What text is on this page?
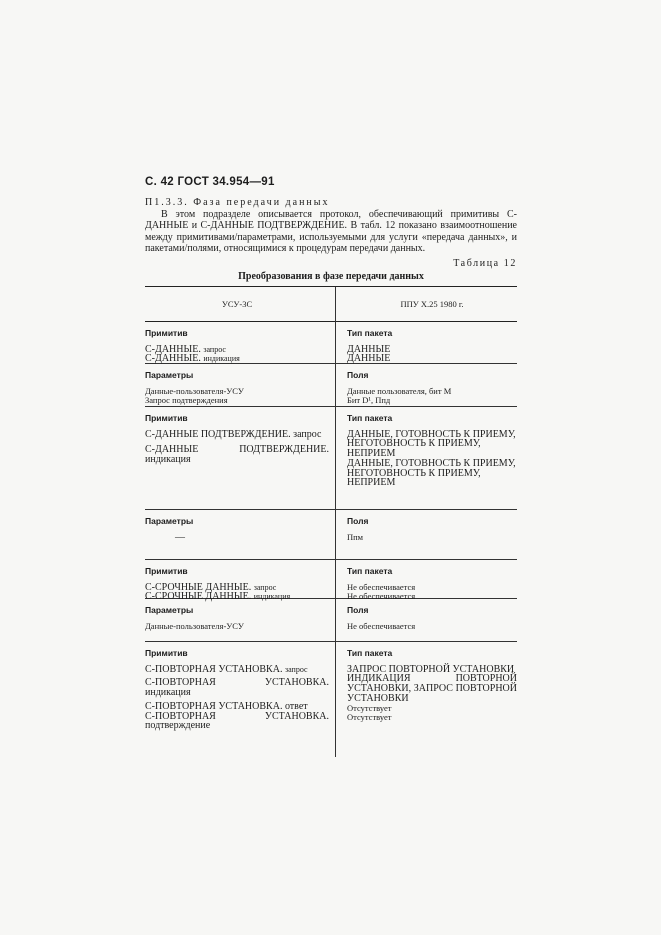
С. 42 ГОСТ 34.954—91

П1.3.3. Фаза передачи данных

В этом подразделе описывается протокол, обеспечивающий примитивы С-ДАННЫЕ и С-ДАННЫЕ ПОДТВЕРЖДЕНИЕ. В табл. 12 показано взаимоотношение между примитивами/параметрами, используемыми для услуги «передача данных», и пакетами/полями, относящимися к процедурам передачи данных.

Таблица 12
Преобразования в фазе передачи данных
УСУ-3С	ППУ X.25 1980 г.
Примитив
С-ДАННЫЕ. запрос
С-ДАННЫЕ. индикация
Тип пакета
ДАННЫЕ
ДАННЫЕ
Параметры
Данные-пользователя-УСУ
Запрос подтверждения
Поля
Данные пользователя, бит М
Бит D¹, Ппд
Примитив
С-ДАННЫЕ ПОДТВЕРЖДЕНИЕ. запрос
С-ДАННЫЕ ПОДТВЕРЖДЕНИЕ. индикация
Тип пакета
ДАННЫЕ, ГОТОВНОСТЬ К ПРИЕМУ, НЕГОТОВНОСТЬ К ПРИЕМУ, НЕПРИЕМ
ДАННЫЕ, ГОТОВНОСТЬ К ПРИЕМУ, НЕГОТОВНОСТЬ К ПРИЕМУ, НЕПРИЕМ
Параметры
—
Поля
Ппм
Примитив
С-СРОЧНЫЕ ДАННЫЕ. запрос
С-СРОЧНЫЕ ДАННЫЕ. индикация
Тип пакета
Не обеспечивается
Не обеспечивается
Параметры
Данные-пользователя-УСУ
Поля
Не обеспечивается
Примитив
С-ПОВТОРНАЯ УСТАНОВКА. запрос
С-ПОВТОРНАЯ УСТАНОВКА. индикация
С-ПОВТОРНАЯ УСТАНОВКА. ответ
С-ПОВТОРНАЯ УСТАНОВКА. подтверждение
Тип пакета
ЗАПРОС ПОВТОРНОЙ УСТАНОВКИ
ИНДИКАЦИЯ ПОВТОРНОЙ УСТАНОВКИ, ЗАПРОС ПОВТОРНОЙ УСТАНОВКИ
Отсутствует
Отсутствует
